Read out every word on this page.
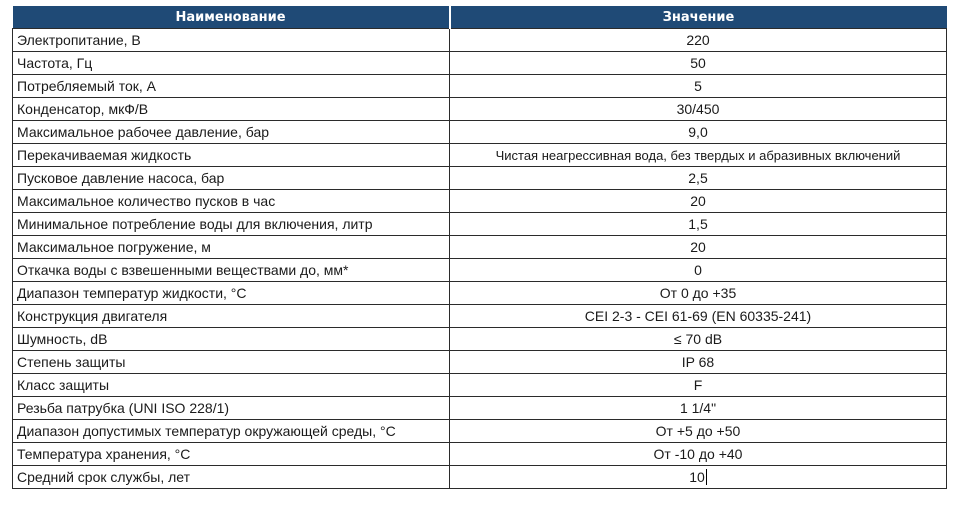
Наименование	Значение
Электропитание, В	220
Частота, Гц	50
Потребляемый ток, А	5
Конденсатор, мкФ/В	30/450
Максимальное рабочее давление, бар	9,0
Перекачиваемая жидкость	Чистая неагрессивная вода, без твердых и абразивных включений
Пусковое давление насоса, бар	2,5
Максимальное количество пусков в час	20
Минимальное потребление воды для включения, литр	1,5
Максимальное погружение, м	20
Откачка воды с взвешенными веществами до, мм*	0
Диапазон температур жидкости, °C	От 0 до +35
Конструкция двигателя	CEI 2-3 - CEI 61-69 (EN 60335-241)
Шумность, dB	≤ 70 dB
Степень защиты	IP 68
Класс защиты	F
Резьба патрубка (UNI ISO 228/1)	1 1/4"
Диапазон допустимых температур окружающей среды, °C	От +5 до +50
Температура хранения, °C	От -10 до +40
Средний срок службы, лет	10
